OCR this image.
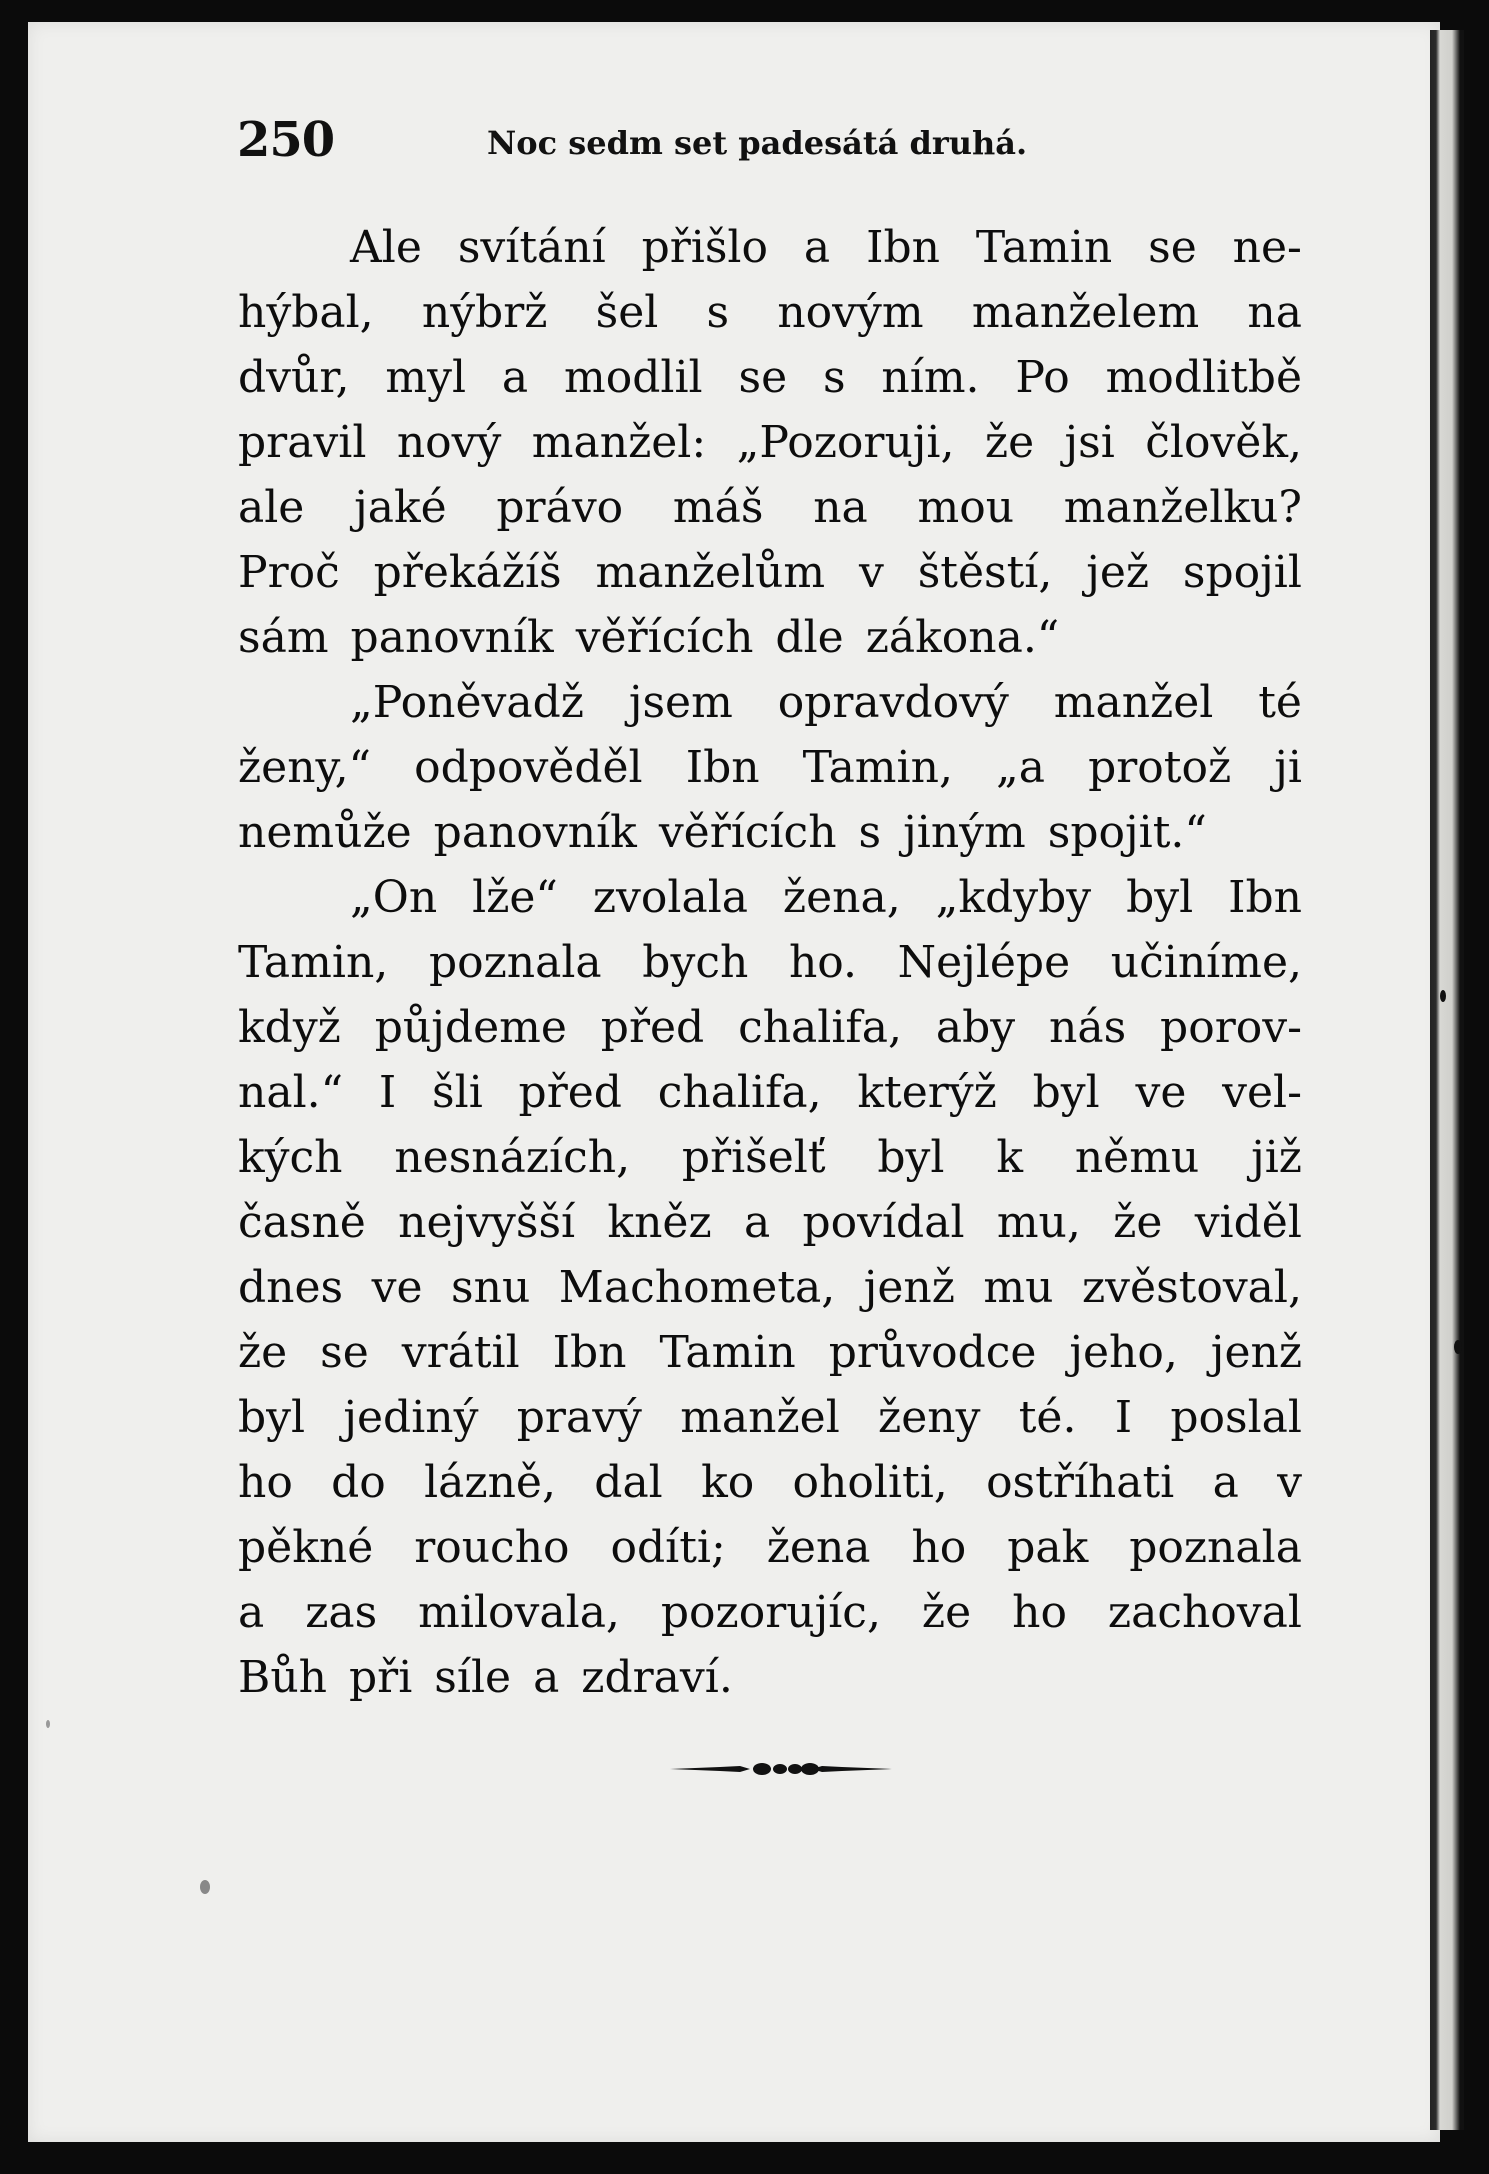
250	Noc sedm set padesátá druhá.
Ale svítání přišlo a Ibn Tamin se ne-
hýbal, nýbrž šel s novým manželem na
dvůr, myl a modlil se s ním. Po modlitbě
pravil nový manžel: „Pozoruji, že jsi člověk,
ale jaké právo máš na mou manželku?
Proč překážíš manželům v štěstí, jež spojil
sám panovník věřících dle zákona.“
„Poněvadž jsem opravdový manžel té
ženy,“ odpověděl Ibn Tamin, „a protož ji
nemůže panovník věřících s jiným spojit.“
„On lže“ zvolala žena, „kdyby byl Ibn
Tamin, poznala bych ho. Nejlépe učiníme,
když půjdeme před chalifa, aby nás porov-
nal.“ I šli před chalifa, kterýž byl ve vel-
kých nesnázích, přišelť byl k němu již
časně nejvyšší kněz a povídal mu, že viděl
dnes ve snu Machometa, jenž mu zvěstoval,
že se vrátil Ibn Tamin průvodce jeho, jenž
byl jediný pravý manžel ženy té. I poslal
ho do lázně, dal ko oholiti, ostříhati a v
pěkné roucho odíti; žena ho pak poznala
a zas milovala, pozorujíc, že ho zachoval
Bůh při síle a zdraví.
